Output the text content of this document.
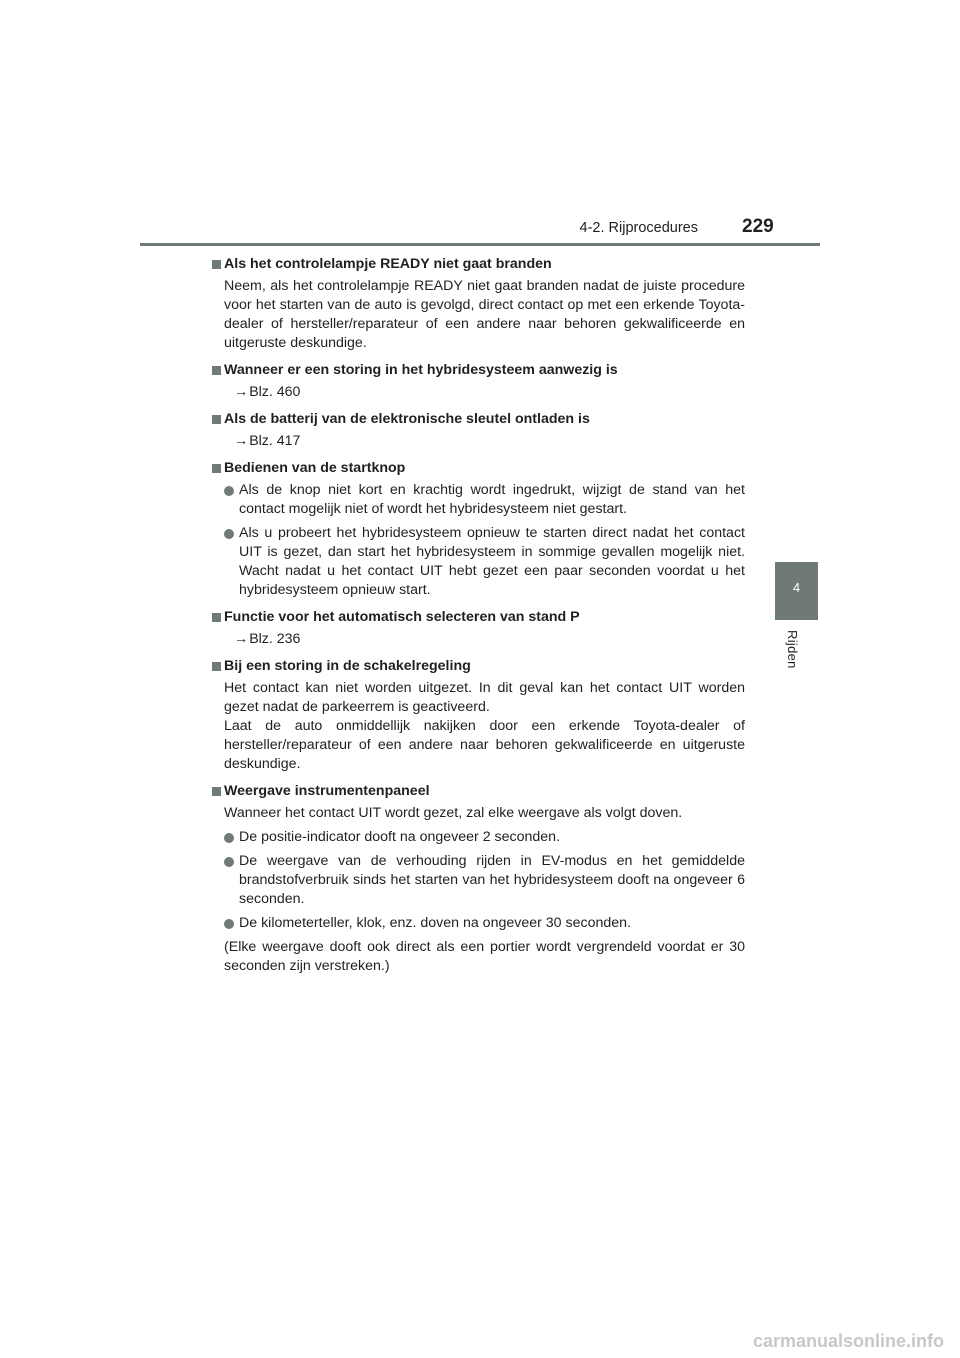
4-2. Rijprocedures 229
4
Rijden
Als het controlelampje READY niet gaat branden
Neem, als het controlelampje READY niet gaat branden nadat de juiste procedure voor het starten van de auto is gevolgd, direct contact op met een erkende Toyota-dealer of hersteller/reparateur of een andere naar behoren gekwalificeerde en uitgeruste deskundige.
Wanneer er een storing in het hybridesysteem aanwezig is
→Blz. 460
Als de batterij van de elektronische sleutel ontladen is
→Blz. 417
Bedienen van de startknop
Als de knop niet kort en krachtig wordt ingedrukt, wijzigt de stand van het contact mogelijk niet of wordt het hybridesysteem niet gestart.
Als u probeert het hybridesysteem opnieuw te starten direct nadat het contact UIT is gezet, dan start het hybridesysteem in sommige gevallen mogelijk niet. Wacht nadat u het contact UIT hebt gezet een paar seconden voordat u het hybridesysteem opnieuw start.
Functie voor het automatisch selecteren van stand P
→Blz. 236
Bij een storing in de schakelregeling
Het contact kan niet worden uitgezet. In dit geval kan het contact UIT worden gezet nadat de parkeerrem is geactiveerd.
Laat de auto onmiddellijk nakijken door een erkende Toyota-dealer of hersteller/reparateur of een andere naar behoren gekwalificeerde en uitgeruste deskundige.
Weergave instrumentenpaneel
Wanneer het contact UIT wordt gezet, zal elke weergave als volgt doven.
De positie-indicator dooft na ongeveer 2 seconden.
De weergave van de verhouding rijden in EV-modus en het gemiddelde brandstofverbruik sinds het starten van het hybridesysteem dooft na ongeveer 6 seconden.
De kilometerteller, klok, enz. doven na ongeveer 30 seconden.
(Elke weergave dooft ook direct als een portier wordt vergrendeld voordat er 30 seconden zijn verstreken.)
carmanualsonline.info
